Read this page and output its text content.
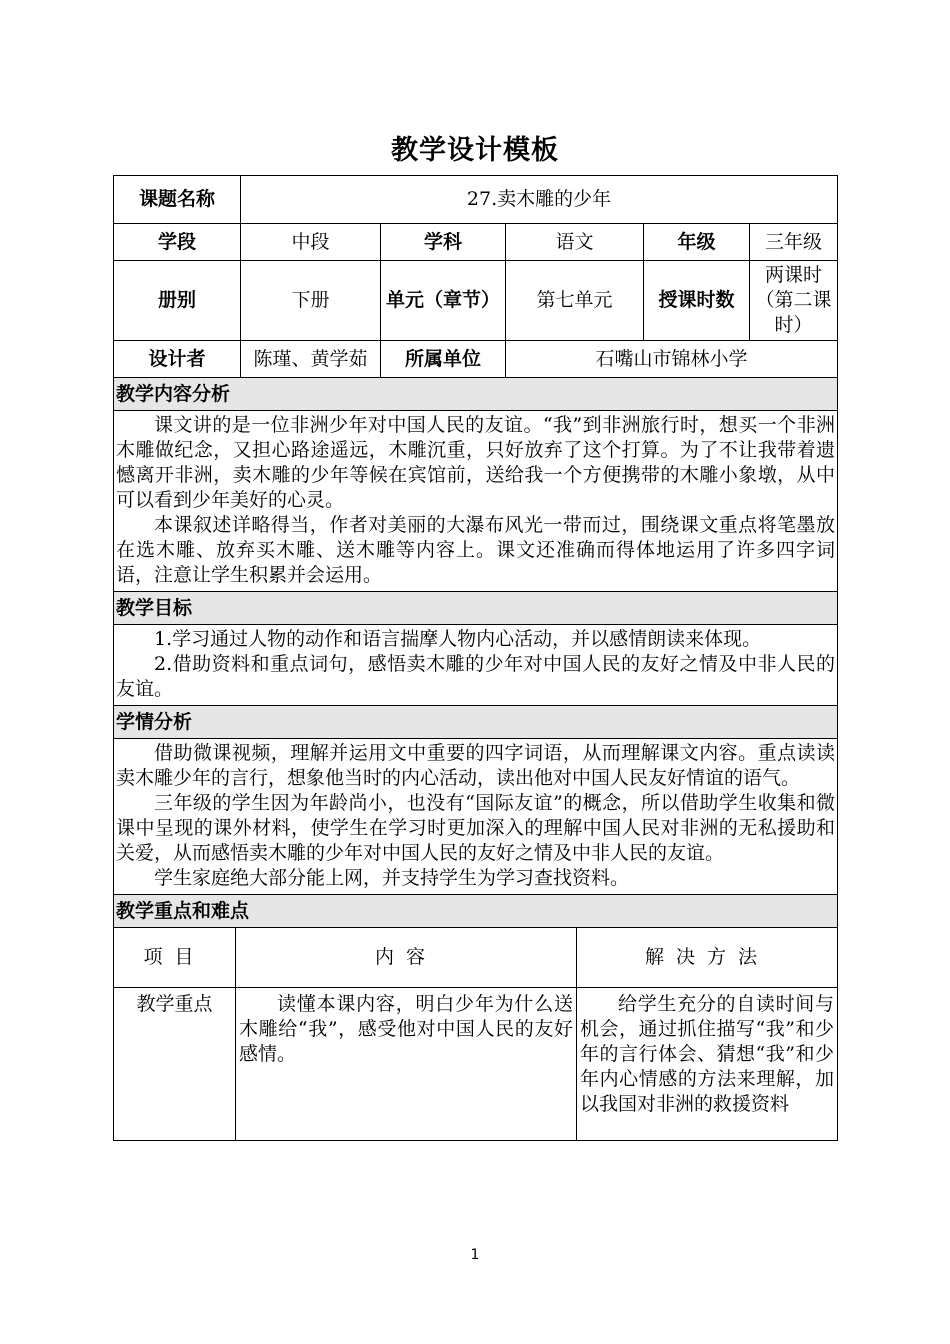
教学设计模板
课题名称	27.卖木雕的少年				
学段	中段	学科	语文	年级	三年级
册别	下册	单元（章节）	第七单元	授课时数	两课时（第二课时）
设计者	陈瑾、黄学茹	所属单位	石嘴山市锦林小学		
教学内容分析					

课文讲的是一位非洲少年对中国人民的友谊。“我”到非洲旅行时，想买一个非洲木雕做纪念，又担心路途遥远，木雕沉重，只好放弃了这个打算。为了不让我带着遗憾离开非洲，卖木雕的少年等候在宾馆前，送给我一个方便携带的木雕小象墩，从中可以看到少年美好的心灵。

本课叙述详略得当，作者对美丽的大瀑布风光一带而过，围绕课文重点将笔墨放在选木雕、放弃买木雕、送木雕等内容上。课文还准确而得体地运用了许多四字词语，注意让学生积累并会运用。					

教学目标					

1.学习通过人物的动作和语言揣摩人物内心活动，并以感情朗读来体现。

2.借助资料和重点词句，感悟卖木雕的少年对中国人民的友好之情及中非人民的友谊。					

学情分析					

借助微课视频，理解并运用文中重要的四字词语，从而理解课文内容。重点读读卖木雕少年的言行，想象他当时的内心活动，读出他对中国人民友好情谊的语气。

三年级的学生因为年龄尚小，也没有“国际友谊”的概念，所以借助学生收集和微课中呈现的课外材料，使学生在学习时更加深入的理解中国人民对非洲的无私援助和关爱，从而感悟卖木雕的少年对中国人民的友好之情及中非人民的友谊。

学生家庭绝大部分能上网，并支持学生为学习查找资料。					

教学重点和难点					
项目	内容	解决方法
教学重点	读懂本课内容，明白少年为什么送木雕给“我”，感受他对中国人民的友好感情。	给学生充分的自读时间与机会，通过抓住描写“我”和少年的言行体会、猜想“我”和少年内心情感的方法来理解，加以我国对非洲的救援资料

1
